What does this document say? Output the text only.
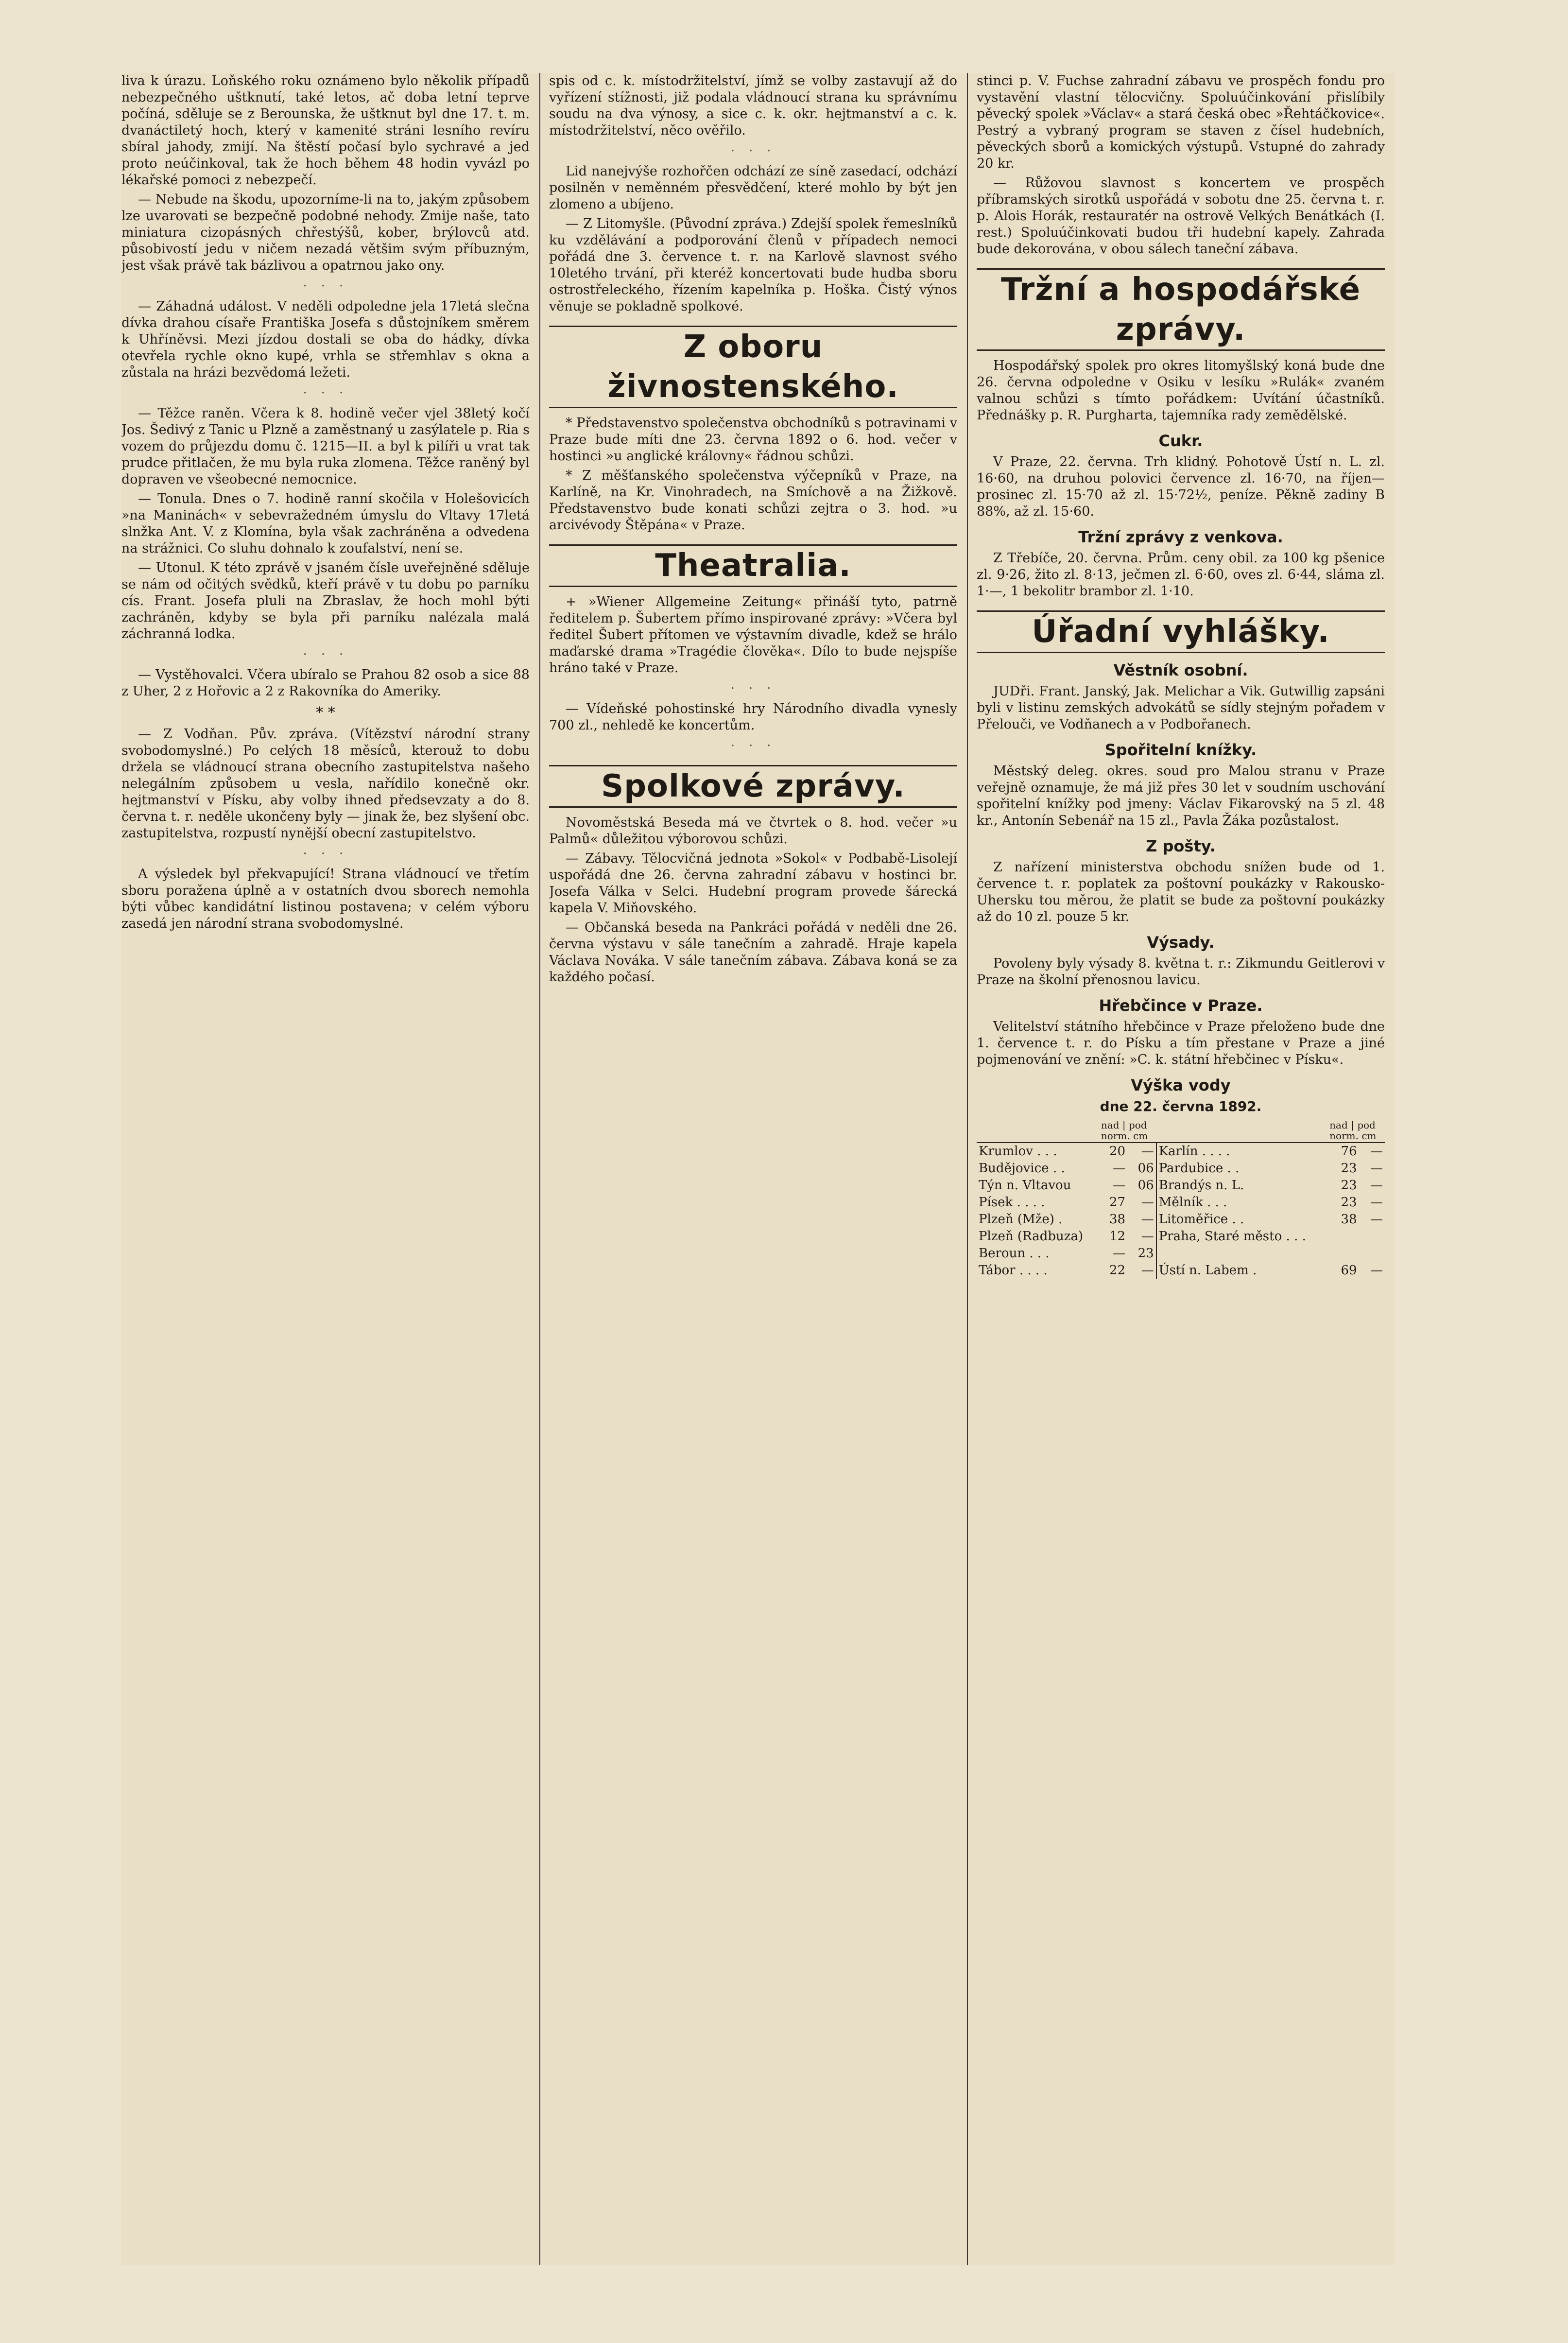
liva k úrazu. Loňského roku oznámeno bylo několik případů nebezpečného uštknutí, také letos, ač doba letní teprve počíná, sděluje se z Berounska, že uštknut byl dne 17. t. m. dvanáctiletý hoch, který v kamenité stráni lesního revíru sbíral jahody, zmijí. Na štěstí počasí bylo sychravé a jed proto neúčinkoval, tak že hoch během 48 hodin vyvázl po lékařské pomoci z nebezpečí.

— Nebude na škodu, upozorníme-li na to, jakým způsobem lze uvarovati se bezpečně podobné nehody. Zmije naše, tato miniatura cizopásných chřestýšů, kober, brýlovců atd. působivostí jedu v ničem nezadá většim svým příbuzným, jest však právě tak bázlivou a opatrnou jako ony.

· · ·

— Záhadná událost. V neděli odpoledne jela 17letá slečna dívka drahou císaře Františka Josefa s důstojníkem směrem k Uhříněvsi. Mezi jízdou dostali se oba do hádky, dívka otevřela rychle okno kupé, vrhla se střemhlav s okna a zůstala na hrázi bezvědomá ležeti.

· · ·

— Těžce raněn. Včera k 8. hodině večer vjel 38letý kočí Jos. Šedivý z Tanic u Plzně a zaměstnaný u zasýlatele p. Ria s vozem do průjezdu domu č. 1215—II. a byl k pilíři u vrat tak prudce přitlačen, že mu byla ruka zlomena. Těžce raněný byl dopraven ve všeobecné nemocnice.

— Tonula. Dnes o 7. hodině ranní skočila v Holešovicích »na Maninách« v sebevražedném úmyslu do Vltavy 17letá slnžka Ant. V. z Klomína, byla však zachráněna a odvedena na strážnici. Co sluhu dohnalo k zoufalství, není se.

— Utonul. K této zprávě v jsaném čísle uveřejněné sděluje se nám od očitých svědků, kteří právě v tu dobu po parníku cís. Frant. Josefa pluli na Zbraslav, že hoch mohl býti zachráněn, kdyby se byla při parníku nalézala malá záchranná lodka.

· · ·

— Vystěhovalci. Včera ubíralo se Prahou 82 osob a sice 88 z Uher, 2 z Hořovic a 2 z Rakovníka do Ameriky.

* *

— Z Vodňan. Pův. zpráva. (Vítězství národní strany svobodomyslné.) Po celých 18 měsíců, kterouž to dobu držela se vládnoucí strana obecního zastupitelstva našeho nelegálním způsobem u vesla, nařídilo konečně okr. hejtmanství v Písku, aby volby ihned předsevzaty a do 8. června t. r. neděle ukončeny byly — jinak že, bez slyšení obc. zastupitelstva, rozpustí nynější obecní zastupitelstvo.

· · ·

A výsledek byl překvapující! Strana vládnoucí ve třetím sboru poražena úplně a v ostatních dvou sborech nemohla býti vůbec kandidátní listinou postavena; v celém výboru zasedá jen národní strana svobodomyslné.

spis od c. k. místodržitelství, jímž se volby zastavují až do vyřízení stížnosti, již podala vládnoucí strana ku správnímu soudu na dva výnosy, a sice c. k. okr. hejtmanství a c. k. místodržitelství, něco ověřilo.

· · ·

Lid nanejvýše rozhořčen odchází ze síně zasedací, odchází posilněn v neměnném přesvědčení, které mohlo by být jen zlomeno a ubíjeno.

— Z Litomyšle. (Původní zpráva.) Zdejší spolek řemeslníků ku vzdělávání a podporování členů v případech nemoci pořádá dne 3. července t. r. na Karlově slavnost svého 10letého trvání, při kteréž koncertovati bude hudba sboru ostrostřeleckého, řízením kapelníka p. Hoška. Čistý výnos věnuje se pokladně spolkové.

Z oboru živnostenského.

* Představenstvo společenstva obchodníků s potravinami v Praze bude míti dne 23. června 1892 o 6. hod. večer v hostinci »u anglické královny« řádnou schůzi.

* Z měšťanského společenstva výčepníků v Praze, na Karlíně, na Kr. Vinohradech, na Smíchově a na Žižkově. Představenstvo bude konati schůzi zejtra o 3. hod. »u arcivévody Štěpána« v Praze.

Theatralia.

+ »Wiener Allgemeine Zeitung« přináší tyto, patrně ředitelem p. Šubertem přímo inspirované zprávy: »Včera byl ředitel Šubert přítomen ve výstavním divadle, kdež se hrálo maďarské drama »Tragédie člověka«. Dílo to bude nejspíše hráno také v Praze.

· · ·

— Vídeňské pohostinské hry Národního divadla vynesly 700 zl., nehledě ke koncertům.

· · ·
Spolkové zprávy.

Novoměstská Beseda má ve čtvrtek o 8. hod. večer »u Palmů« důležitou výborovou schůzi.

— Zábavy. Tělocvičná jednota »Sokol« v Podbabě-Lisolejí uspořádá dne 26. června zahradní zábavu v hostinci br. Josefa Válka v Selci. Hudební program provede šárecká kapela V. Miňovského.

— Občanská beseda na Pankráci pořádá v neděli dne 26. června výstavu v sále tanečním a zahradě. Hraje kapela Václava Nováka. V sále tanečním zábava. Zábava koná se za každého počasí.

stinci p. V. Fuchse zahradní zábavu ve prospěch fondu pro vystavění vlastní tělocvičny. Spoluúčinkování přislíbily pěvecký spolek »Václav« a stará česká obec »Řehtáčkovice«. Pestrý a vybraný program se staven z čísel hudebních, pěveckých sborů a komických výstupů. Vstupné do zahrady 20 kr.

— Růžovou slavnost s koncertem ve prospěch příbramských sirotků uspořádá v sobotu dne 25. června t. r. p. Alois Horák, restauratér na ostrově Velkých Benátkách (I. rest.) Spoluúčinkovati budou tři hudební kapely. Zahrada bude dekorována, v obou sálech taneční zábava.

Tržní a hospodářské zprávy.

Hospodářský spolek pro okres litomyšlský koná bude dne 26. června odpoledne v Osiku v lesíku »Rulák« zvaném valnou schůzi s tímto pořádkem: Uvítání účastníků. Přednášky p. R. Purgharta, tajemníka rady zemědělské.

Cukr.

V Praze, 22. června. Trh klidný. Pohotově Ústí n. L. zl. 16·60, na druhou polovici července zl. 16·70, na říjen—prosinec zl. 15·70 až zl. 15·72½, peníze. Pěkně zadiny B 88%, až zl. 15·60.

Tržní zprávy z venkova.

Z Třebíče, 20. června. Prům. ceny obil. za 100 kg pšenice zl. 9·26, žito zl. 8·13, ječmen zl. 6·60, oves zl. 6·44, sláma zl. 1·—, 1 bekolitr brambor zl. 1·10.

Úřadní vyhlášky.
Věstník osobní.

JUDři. Frant. Janský, Jak. Melichar a Vik. Gutwillig zapsáni byli v listinu zemských advokátů se sídly stejným pořadem v Přelouči, ve Vodňanech a v Podbořanech.

Spořitelní knížky.

Městský deleg. okres. soud pro Malou stranu v Praze veřejně oznamuje, že má již přes 30 let v soudním uschování spořitelní knížky pod jmeny: Václav Fikarovský na 5 zl. 48 kr., Antonín Sebenář na 15 zl., Pavla Žáka pozůstalost.

Z pošty.

Z nařízení ministerstva obchodu snížen bude od 1. července t. r. poplatek za poštovní poukázky v Rakousko-Uhersku tou měrou, že platit se bude za poštovní poukázky až do 10 zl. pouze 5 kr.

Výsady.

Povoleny byly výsady 8. května t. r.: Zikmundu Geitlerovi v Praze na školní přenosnou lavicu.

Hřebčince v Praze.

Velitelství státního hřebčince v Praze přeloženo bude dne 1. července t. r. do Písku a tím přestane v Praze a jiné pojmenování ve znění: »C. k. státní hřebčinec v Písku«.

Výška vody
dne 22. června 1892.
	nad | pod
norm. cm			nad | pod
norm. cm	
Krumlov . . .	20	—	Karlín . . . .	76	—
Budějovice . .	—	06	Pardubice . .	23	—
Týn n. Vltavou	—	06	Brandýs n. L.	23	—
Písek . . . .	27	—	Mělník . . .	23	—
Plzeň (Mže) .	38	—	Litoměřice . .	38	—
Plzeň (Radbuza)	12	—	Praha, Staré město . . .		
Beroun . . .	—	23			
Tábor . . . .	22	—	Ústí n. Labem .	69	—
